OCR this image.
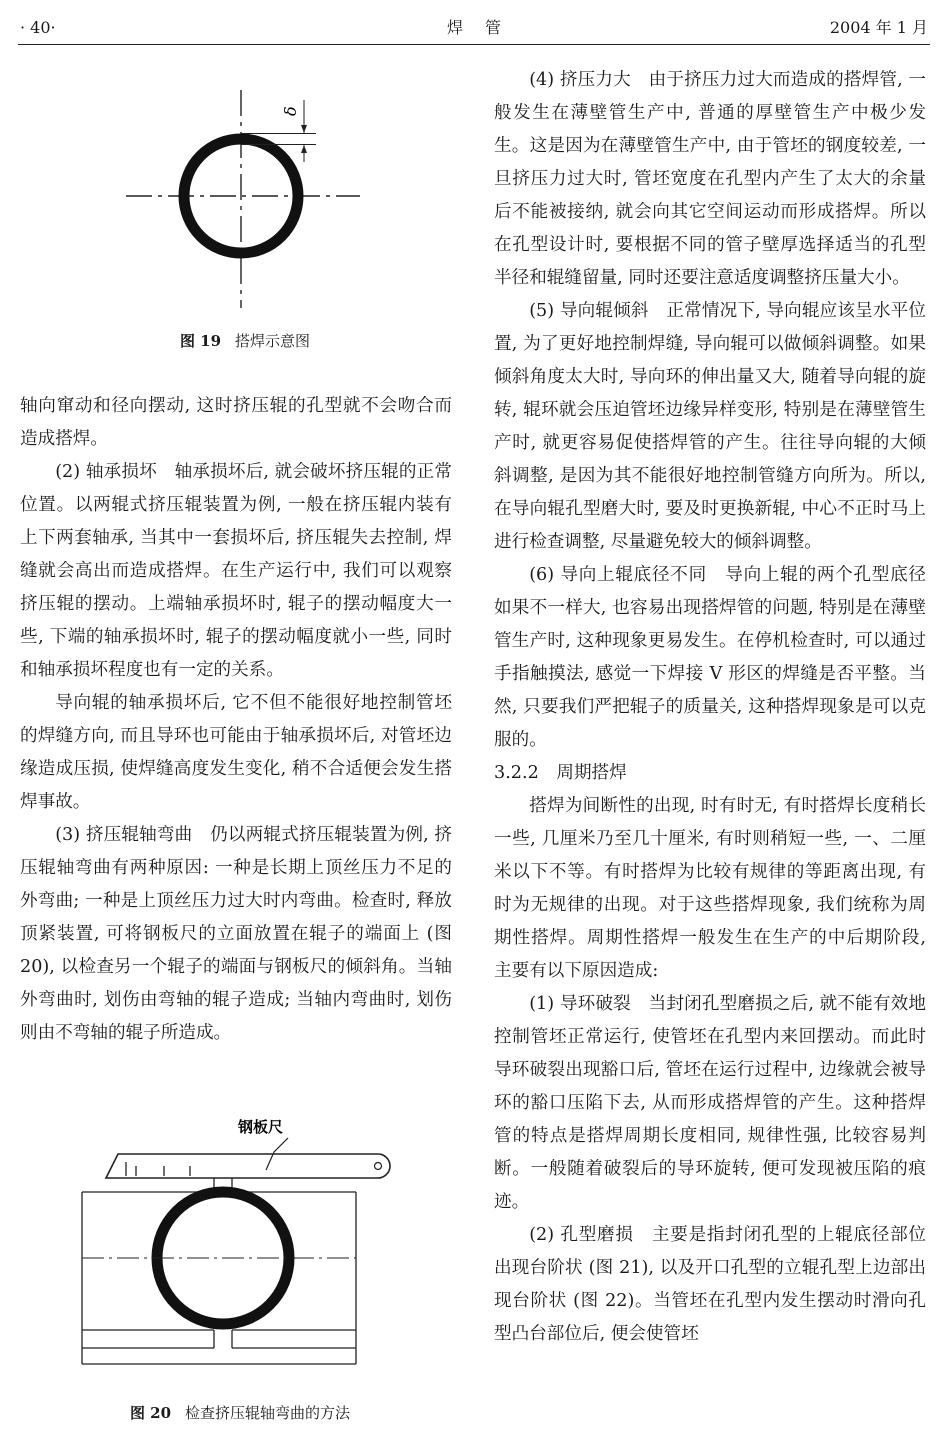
· 40·	焊管	2004 年 1 月
δ
图 19 搭焊示意图

轴向窜动和径向摆动, 这时挤压辊的孔型就不会吻合而造成搭焊。

(2) 轴承损坏　轴承损坏后, 就会破坏挤压辊的正常位置。以两辊式挤压辊装置为例, 一般在挤压辊内装有上下两套轴承, 当其中一套损坏后, 挤压辊失去控制, 焊缝就会高出而造成搭焊。在生产运行中, 我们可以观察挤压辊的摆动。上端轴承损坏时, 辊子的摆动幅度大一些, 下端的轴承损坏时, 辊子的摆动幅度就小一些, 同时和轴承损坏程度也有一定的关系。

导向辊的轴承损坏后, 它不但不能很好地控制管坯的焊缝方向, 而且导环也可能由于轴承损坏后, 对管坯边缘造成压损, 使焊缝高度发生变化, 稍不合适便会发生搭焊事故。

(3) 挤压辊轴弯曲　仍以两辊式挤压辊装置为例, 挤压辊轴弯曲有两种原因: 一种是长期上顶丝压力不足的外弯曲; 一种是上顶丝压力过大时内弯曲。检查时, 释放顶紧装置, 可将钢板尺的立面放置在辊子的端面上 (图 20), 以检查另一个辊子的端面与钢板尺的倾斜角。当轴外弯曲时, 划伤由弯轴的辊子造成; 当轴内弯曲时, 划伤则由不弯轴的辊子所造成。

钢板尺
图 20 检查挤压辊轴弯曲的方法

(4) 挤压力大　由于挤压力过大而造成的搭焊管, 一般发生在薄壁管生产中, 普通的厚壁管生产中极少发生。这是因为在薄壁管生产中, 由于管坯的钢度较差, 一旦挤压力过大时, 管坯宽度在孔型内产生了太大的余量后不能被接纳, 就会向其它空间运动而形成搭焊。所以在孔型设计时, 要根据不同的管子壁厚选择适当的孔型半径和辊缝留量, 同时还要注意适度调整挤压量大小。

(5) 导向辊倾斜　正常情况下, 导向辊应该呈水平位置, 为了更好地控制焊缝, 导向辊可以做倾斜调整。如果倾斜角度太大时, 导向环的伸出量又大, 随着导向辊的旋转, 辊环就会压迫管坯边缘异样变形, 特别是在薄壁管生产时, 就更容易促使搭焊管的产生。往往导向辊的大倾斜调整, 是因为其不能很好地控制管缝方向所为。所以, 在导向辊孔型磨大时, 要及时更换新辊, 中心不正时马上进行检查调整, 尽量避免较大的倾斜调整。

(6) 导向上辊底径不同　导向上辊的两个孔型底径如果不一样大, 也容易出现搭焊管的问题, 特别是在薄壁管生产时, 这种现象更易发生。在停机检查时, 可以通过手指触摸法, 感觉一下焊接 V 形区的焊缝是否平整。当然, 只要我们严把辊子的质量关, 这种搭焊现象是可以克服的。

3.2.2　周期搭焊

搭焊为间断性的出现, 时有时无, 有时搭焊长度稍长一些, 几厘米乃至几十厘米, 有时则稍短一些, 一、二厘米以下不等。有时搭焊为比较有规律的等距离出现, 有时为无规律的出现。对于这些搭焊现象, 我们统称为周期性搭焊。周期性搭焊一般发生在生产的中后期阶段, 主要有以下原因造成:

(1) 导环破裂　当封闭孔型磨损之后, 就不能有效地控制管坯正常运行, 使管坯在孔型内来回摆动。而此时导环破裂出现豁口后, 管坯在运行过程中, 边缘就会被导环的豁口压陷下去, 从而形成搭焊管的产生。这种搭焊管的特点是搭焊周期长度相同, 规律性强, 比较容易判断。一般随着破裂后的导环旋转, 便可发现被压陷的痕迹。

(2) 孔型磨损　主要是指封闭孔型的上辊底径部位出现台阶状 (图 21), 以及开口孔型的立辊孔型上边部出现台阶状 (图 22)。当管坯在孔型内发生摆动时滑向孔型凸台部位后, 便会使管坯
